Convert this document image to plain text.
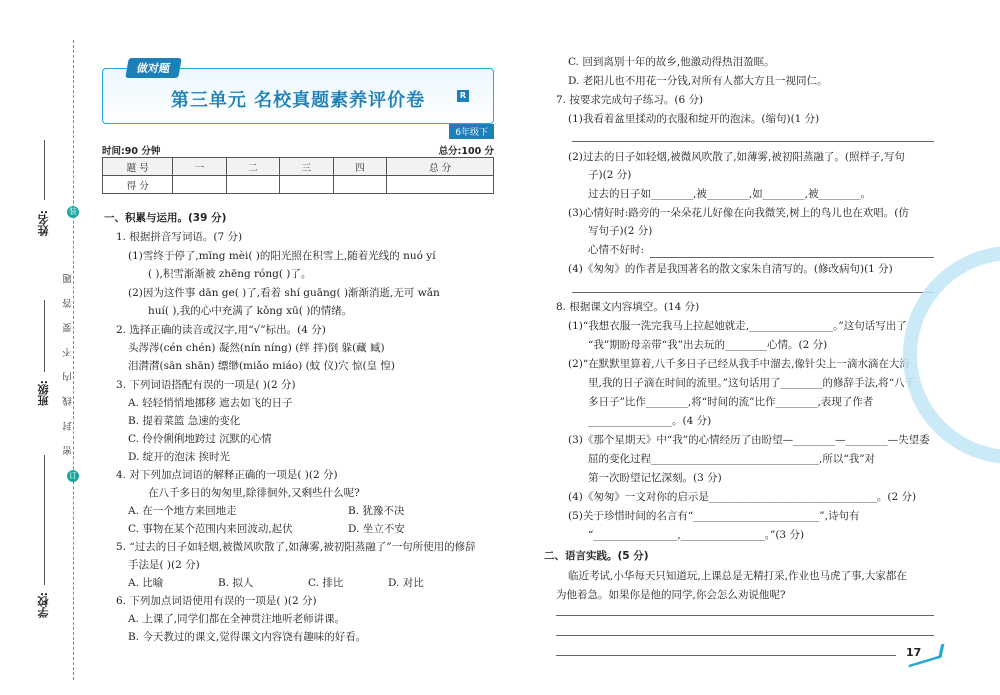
姓名:
班级:
学校:
密 封 线 内 不 要 答 题
装
订
做对题
第三单元 名校真题素养评价卷	R
6年级下
时间:90 分钟	总分:100 分
题 号	一	二	三	四	总 分
得 分					
一、积累与运用。(39 分)
1. 根据拼音写词语。(7 分)
(1)雪终于停了,mīng mèi( )的阳光照在积雪上,随着光线的 nuó yí
( ),积雪渐渐被 zhēng róng( )了。
(2)因为这件事 dān ge( )了,看着 shí guāng( )渐渐消逝,无可 wǎn
huí( ),我的心中充满了 kǒng xū( )的情绪。
2. 选择正确的读音或汉字,用“√”标出。(4 分)
头涔涔(cén chén) 凝然(nín níng) (绊 拌)倒 躲(藏 臧)
泪潸潸(sān shān) 缥缈(miǎo miáo) (蚊 仪)穴 惊(皇 惶)
3. 下列词语搭配有误的一项是( )(2 分)
A. 轻轻悄悄地挪移 遮去如飞的日子
B. 提着菜篮 急速的变化
C. 伶伶俐俐地跨过 沉默的心情
D. 绽开的泡沫 挨时光
4. 对下列加点词语的解释正确的一项是( )(2 分)
在八千多日的匆匆里,除徘徊外,又剩些什么呢?
A. 在一个地方来回地走	B. 犹豫不决
C. 事物在某个范围内来回波动,起伏	D. 坐立不安
5. “过去的日子如轻烟,被微风吹散了,如薄雾,被初阳蒸融了”一句所使用的修辞
手法是( )(2 分)
A. 比喻	B. 拟人	C. 排比	D. 对比
6. 下列加点词语使用有误的一项是( )(2 分)
A. 上课了,同学们都在全神贯注地听老师讲课。
B. 今天教过的课文,觉得课文内容饶有趣味的好看。
C. 回到离别十年的故乡,他激动得热泪盈眶。
D. 老阳儿也不用花一分钱,对所有人都大方且一视同仁。
7. 按要求完成句子练习。(6 分)
(1)我看着盆里揉动的衣服和绽开的泡沫。(缩句)(1 分)
(2)过去的日子如轻烟,被微风吹散了,如薄雾,被初阳蒸融了。(照样子,写句
子)(2 分)
过去的日子如________,被________,如________,被________。
(3)心情好时:路旁的一朵朵花儿好像在向我微笑,树上的鸟儿也在欢唱。(仿
写句子)(2 分)
心情不好时:
(4)《匆匆》的作者是我国著名的散文家朱自清写的。(修改病句)(1 分)
8. 根据课文内容填空。(14 分)
(1)“我想衣服一洗完我马上拉起她就走,________________。”这句话写出了
“我”期盼母亲带“我”出去玩的________心情。(2 分)
(2)“在默默里算着,八千多日子已经从我手中溜去,像针尖上一滴水滴在大海
里,我的日子滴在时间的流里。”这句话用了________的修辞手法,将“八千
多日子”比作________,将“时间的流”比作________,表现了作者
________________。(4 分)
(3)《那个星期天》中“我”的心情经历了由盼望—________—________—失望委
屈的变化过程________________________________,所以“我”对
第一次盼望记忆深刻。(3 分)
(4)《匆匆》一文对你的启示是________________________________。(2 分)
(5)关于珍惜时间的名言有“________________________”,诗句有
“________________,________________。”(3 分)
二、语言实践。(5 分)
临近考试,小华每天只知道玩,上课总是无精打采,作业也马虎了事,大家都在
为他着急。如果你是他的同学,你会怎么劝说他呢?
17
